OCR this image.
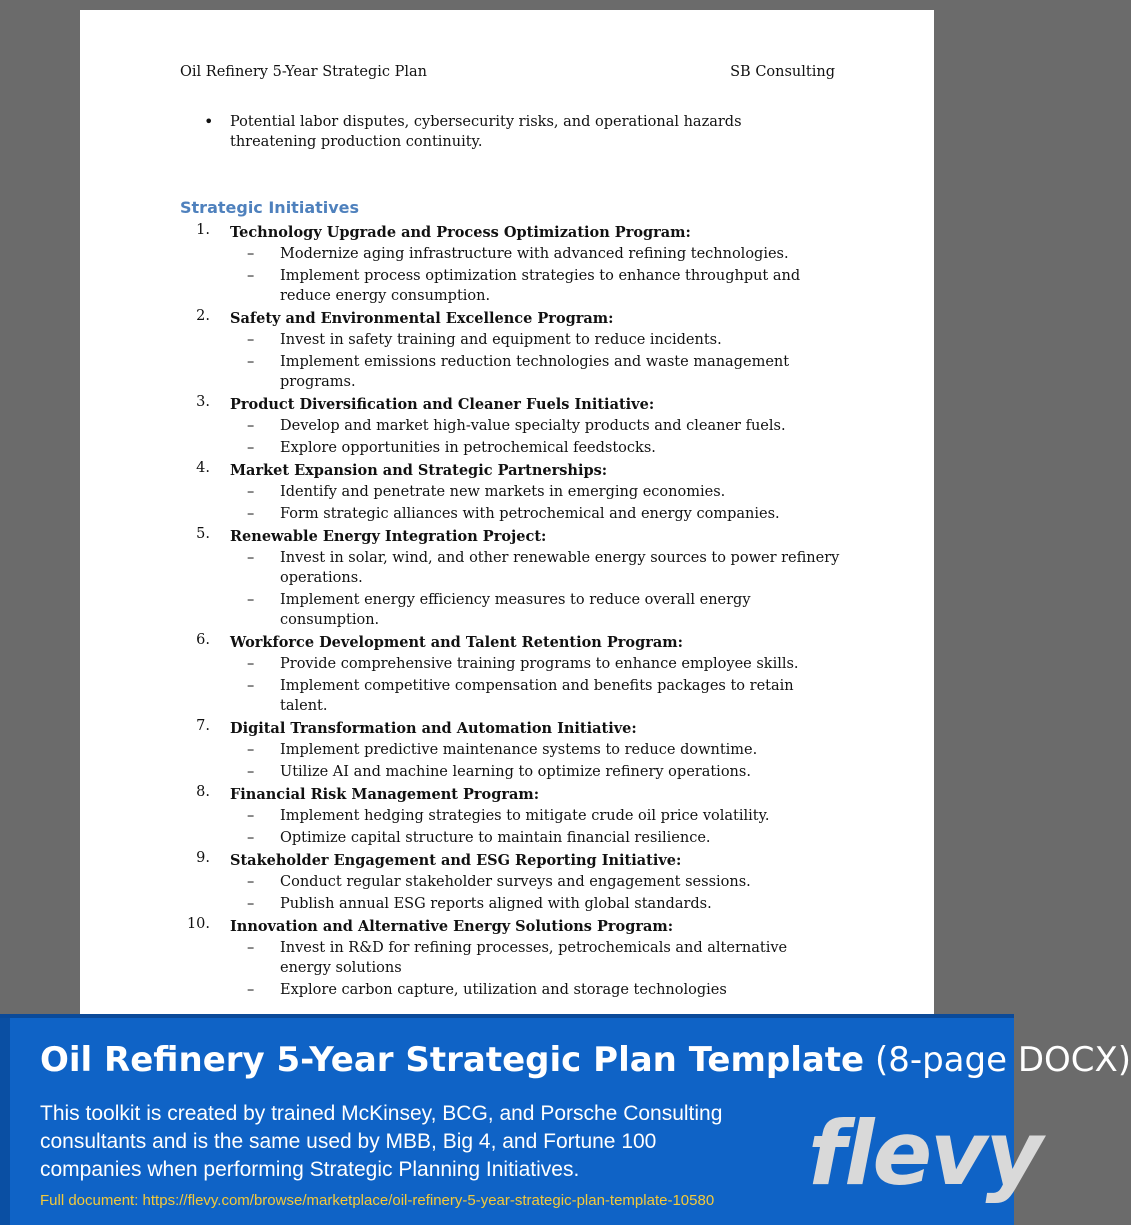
Oil Refinery 5-Year Strategic Plan	SB Consulting
• Potential labor disputes, cybersecurity risks, and operational hazards threatening production continuity.
Strategic Initiatives
1. Technology Upgrade and Process Optimization Program:
– Modernize aging infrastructure with advanced refining technologies.
– Implement process optimization strategies to enhance throughput and reduce energy consumption.
2. Safety and Environmental Excellence Program:
– Invest in safety training and equipment to reduce incidents.
– Implement emissions reduction technologies and waste management programs.
3. Product Diversification and Cleaner Fuels Initiative:
– Develop and market high-value specialty products and cleaner fuels.
– Explore opportunities in petrochemical feedstocks.
4. Market Expansion and Strategic Partnerships:
– Identify and penetrate new markets in emerging economies.
– Form strategic alliances with petrochemical and energy companies.
5. Renewable Energy Integration Project:
– Invest in solar, wind, and other renewable energy sources to power refinery operations.
– Implement energy efficiency measures to reduce overall energy consumption.
6. Workforce Development and Talent Retention Program:
– Provide comprehensive training programs to enhance employee skills.
– Implement competitive compensation and benefits packages to retain talent.
7. Digital Transformation and Automation Initiative:
– Implement predictive maintenance systems to reduce downtime.
– Utilize AI and machine learning to optimize refinery operations.
8. Financial Risk Management Program:
– Implement hedging strategies to mitigate crude oil price volatility.
– Optimize capital structure to maintain financial resilience.
9. Stakeholder Engagement and ESG Reporting Initiative:
– Conduct regular stakeholder surveys and engagement sessions.
– Publish annual ESG reports aligned with global standards.
10. Innovation and Alternative Energy Solutions Program:
– Invest in R&D for refining processes, petrochemicals and alternative energy solutions
– Explore carbon capture, utilization and storage technologies
Oil Refinery 5-Year Strategic Plan Template (8-page DOCX)
This toolkit is created by trained McKinsey, BCG, and Porsche Consulting consultants and is the same used by MBB, Big 4, and Fortune 100 companies when performing Strategic Planning Initiatives.
Full document: https://flevy.com/browse/marketplace/oil-refinery-5-year-strategic-plan-template-10580 flevy
